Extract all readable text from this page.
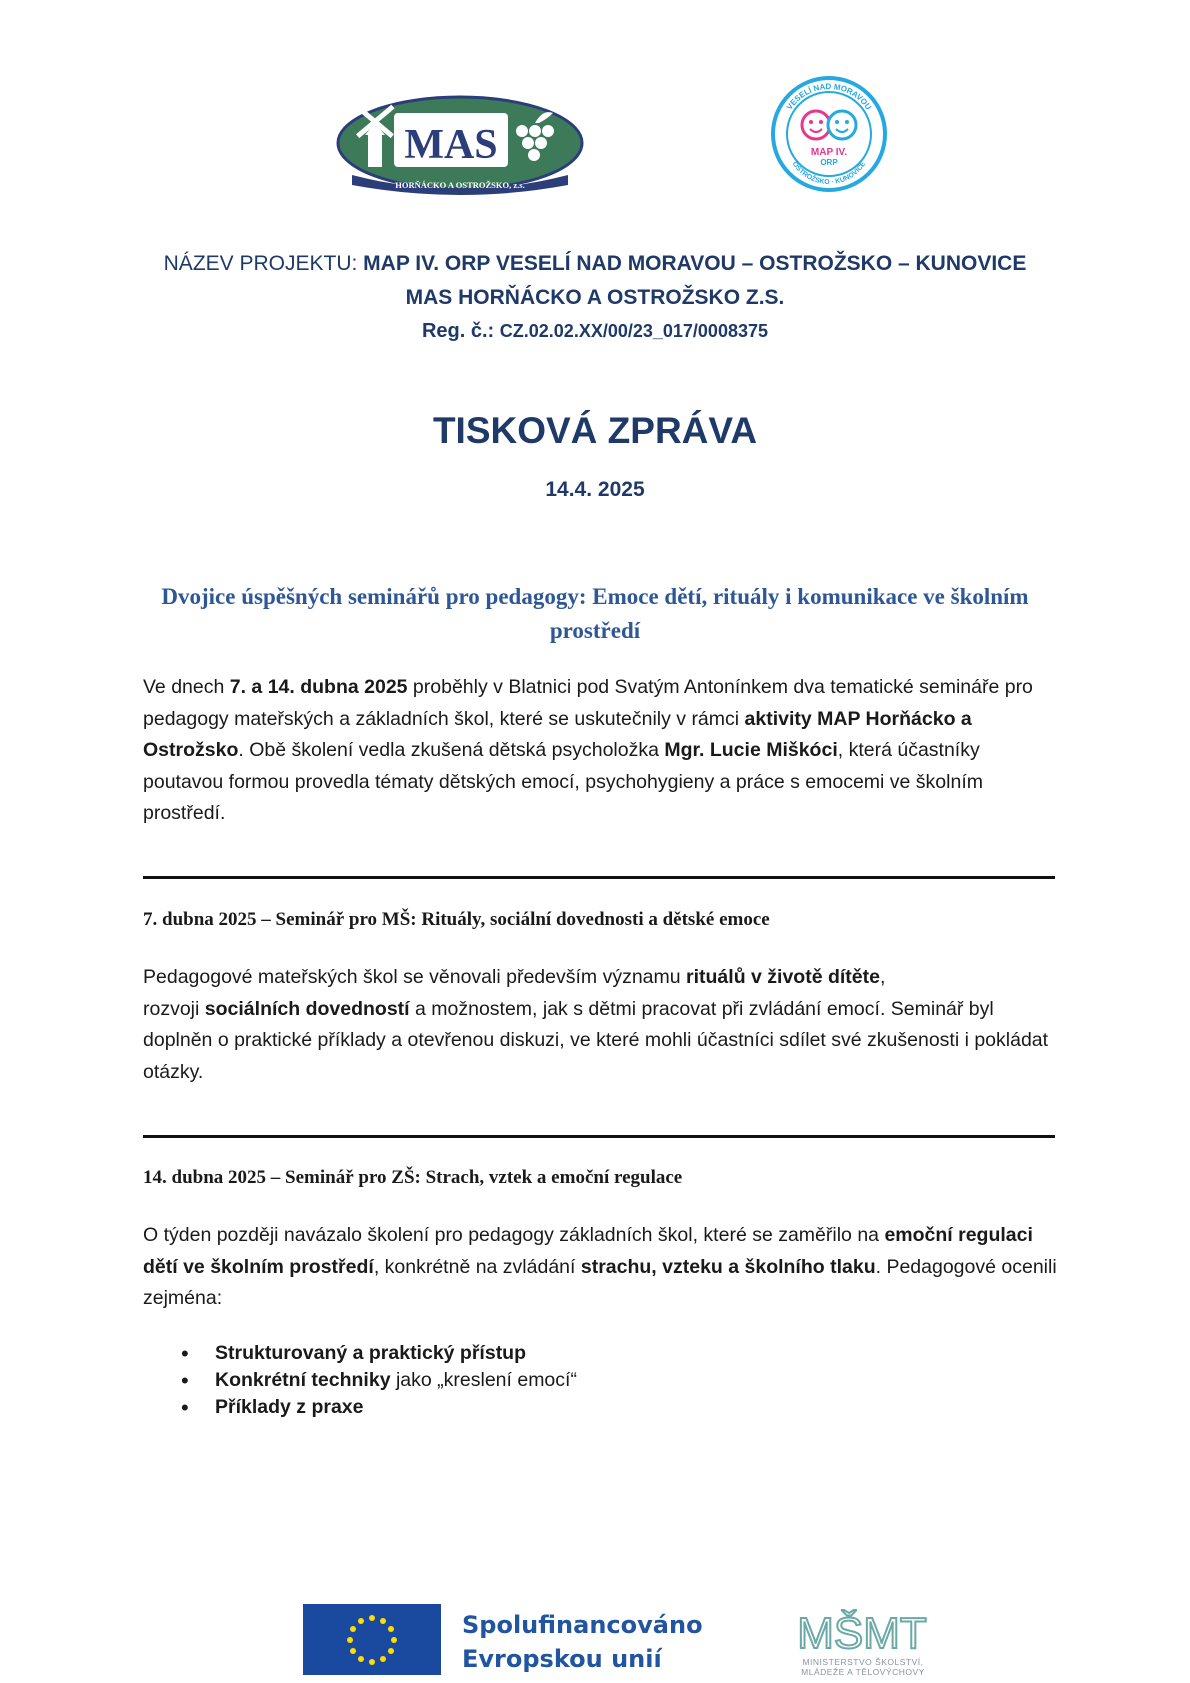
MAS
HORŇÁCKO A OSTROŽSKO, z.s.
VESELÍ NAD MORAVOU
OSTROŽSKO · KUNOVICE
MAP IV.
ORP
NÁZEV PROJEKTU: MAP IV. ORP VESELÍ NAD MORAVOU – OSTROŽSKO – KUNOVICE
MAS HORŇÁCKO A OSTROŽSKO Z.S.
Reg. č.: CZ.02.02.XX/00/23_017/0008375
TISKOVÁ ZPRÁVA
14.4. 2025
Dvojice úspěšných seminářů pro pedagogy: Emoce dětí, rituály i komunikace ve školním prostředí
Ve dnech 7. a 14. dubna 2025 proběhly v Blatnici pod Svatým Antonínkem dva tematické semináře pro pedagogy mateřských a základních škol, které se uskutečnily v rámci aktivity MAP Horňácko a Ostrožsko. Obě školení vedla zkušená dětská psycholožka Mgr. Lucie Miškóci, která účastníky poutavou formou provedla tématy dětských emocí, psychohygieny a práce s emocemi ve školním prostředí.
7. dubna 2025 – Seminář pro MŠ: Rituály, sociální dovednosti a dětské emoce
Pedagogové mateřských škol se věnovali především významu rituálů v životě dítěte,
rozvoji sociálních dovedností a možnostem, jak s dětmi pracovat při zvládání emocí. Seminář byl doplněn o praktické příklady a otevřenou diskuzi, ve které mohli účastníci sdílet své zkušenosti i pokládat otázky.
14. dubna 2025 – Seminář pro ZŠ: Strach, vztek a emoční regulace
O týden později navázalo školení pro pedagogy základních škol, které se zaměřilo na emoční regulaci dětí ve školním prostředí, konkrétně na zvládání strachu, vzteku a školního tlaku. Pedagogové ocenili zejména:
• Strukturovaný a praktický přístup
• Konkrétní techniky jako „kreslení emocí“
• Příklady z praxe
Spolufinancováno
Evropskou unií
MŠMT
MINISTERSTVO ŠKOLSTVÍ,
MLÁDEŽE A TĚLOVÝCHOVY
